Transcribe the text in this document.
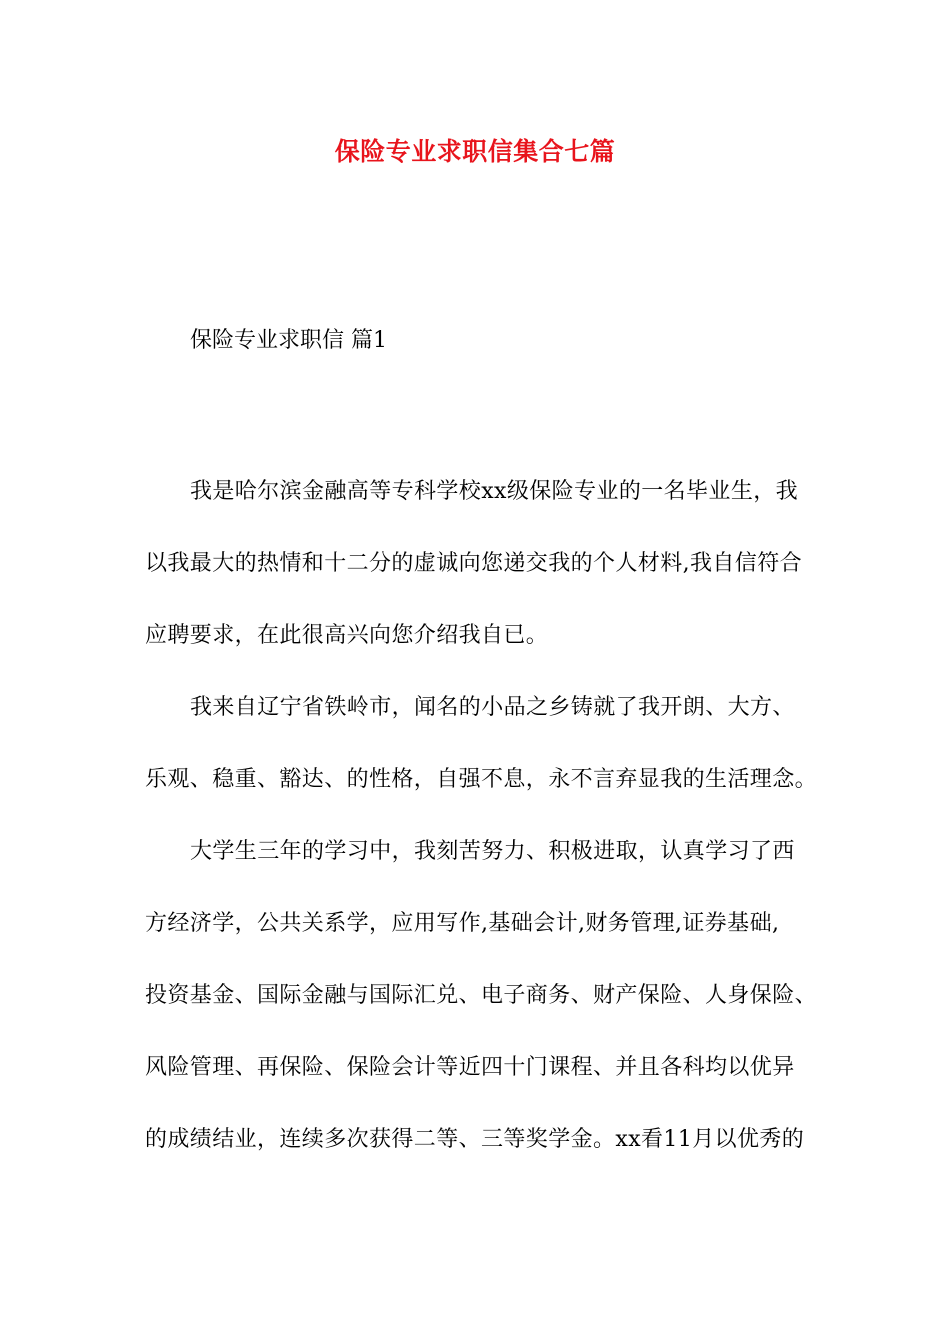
保险专业求职信集合七篇
保险专业求职信 篇1
我是哈尔滨金融高等专科学校xx级保险专业的一名毕业生，我
以我最大的热情和十二分的虚诚向您递交我的个人材料,我自信符合
应聘要求，在此很高兴向您介绍我自已。
我来自辽宁省铁岭市，闻名的小品之乡铸就了我开朗、大方、
乐观、稳重、豁达、的性格，自强不息，永不言弃显我的生活理念。
大学生三年的学习中，我刻苦努力、积极进取，认真学习了西
方经济学，公共关系学，应用写作,基础会计,财务管理,证券基础,
投资基金、国际金融与国际汇兑、电子商务、财产保险、人身保险、
风险管理、再保险、保险会计等近四十门课程、并且各科均以优异
的成绩结业，连续多次获得二等、三等奖学金。xx看11月以优秀的
